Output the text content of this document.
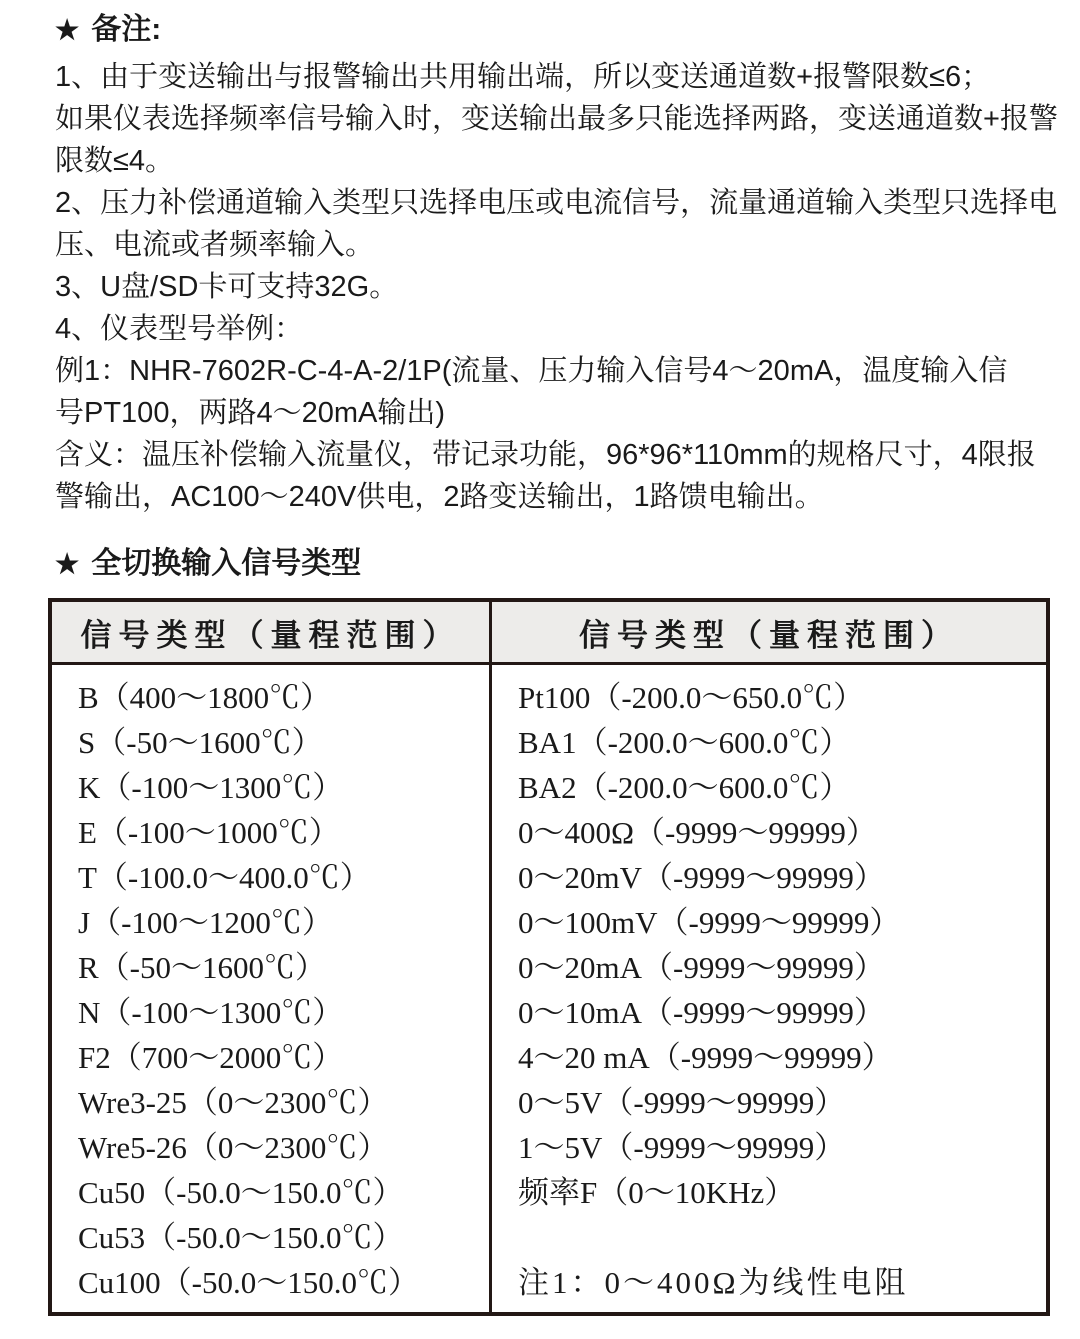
★ 备注:

1、由于变送输出与报警输出共用输出端，所以变送通道数+报警限数≤6；

如果仪表选择频率信号输入时，变送输出最多只能选择两路，变送通道数+报警

限数≤4。

2、压力补偿通道输入类型只选择电压或电流信号，流量通道输入类型只选择电

压、电流或者频率输入。

3、U盘/SD卡可支持32G。

4、仪表型号举例：

例1：NHR-7602R-C-4-A-2/1P(流量、压力输入信号4～20mA，温度输入信

号PT100，两路4～20mA输出)

含义：温压补偿输入流量仪，带记录功能，96*96*110mm的规格尺寸，4限报

警输出，AC100～240V供电，2路变送输出，1路馈电输出。

★ 全切换输入信号类型
信号类型（量程范围）	信号类型（量程范围）
B（400～1800℃）
S（-50～1600℃）
K（-100～1300℃）
E（-100～1000℃）
T（-100.0～400.0℃）
J（-100～1200℃）
R（-50～1600℃）
N（-100～1300℃）
F2（700～2000℃）
Wre3-25（0～2300℃）
Wre5-26（0～2300℃）
Cu50（-50.0～150.0℃）
Cu53（-50.0～150.0℃）
Cu100（-50.0～150.0℃）
Pt100（-200.0～650.0℃）
BA1（-200.0～600.0℃）
BA2（-200.0～600.0℃）
0～400Ω（-9999～99999）
0～20mV（-9999～99999）
0～100mV（-9999～99999）
0～20mA（-9999～99999）
0～10mA（-9999～99999）
4～20 mA（-9999～99999）
0～5V（-9999～99999）
1～5V（-9999～99999）
频率F（0～10KHz）
注1：0～400Ω为线性电阻
